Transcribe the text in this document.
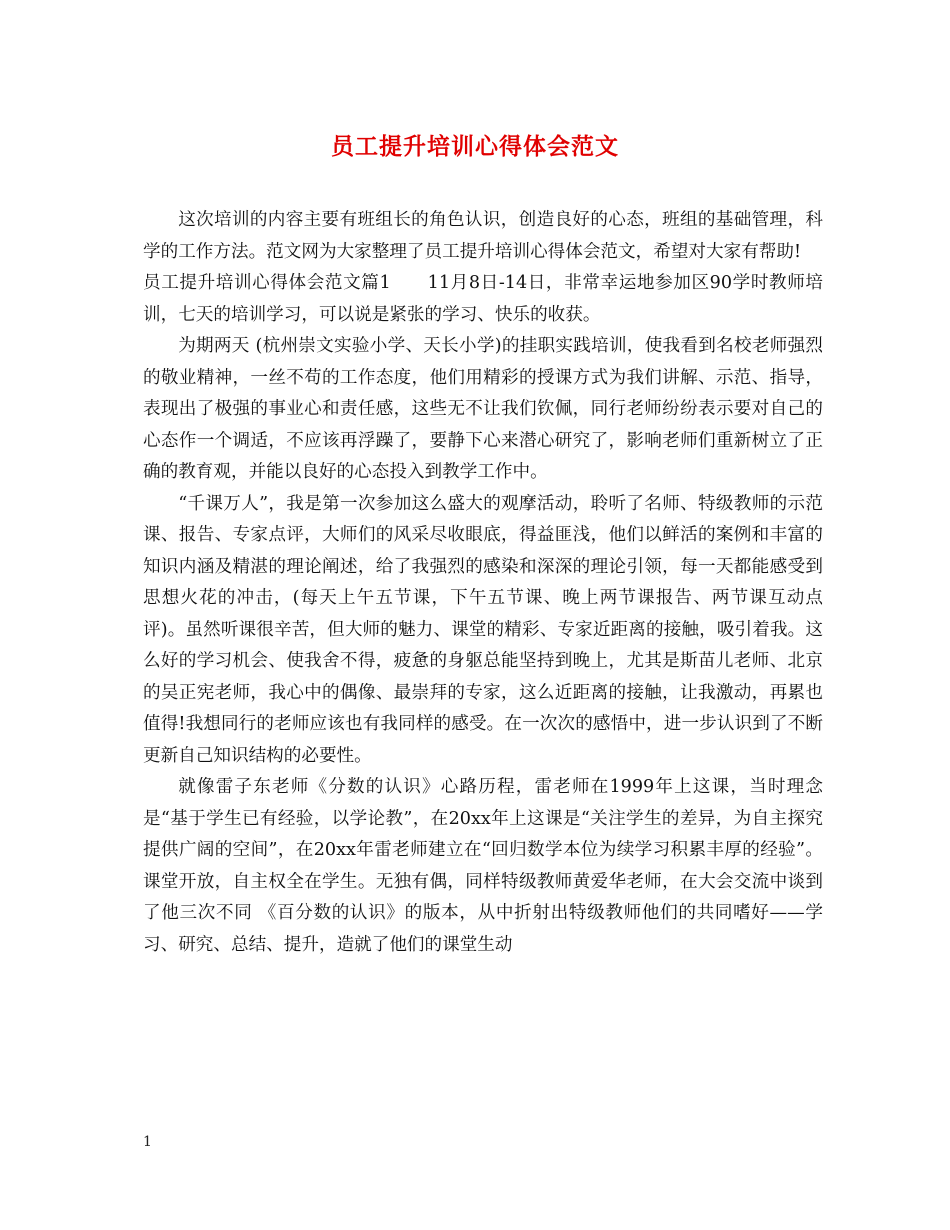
员工提升培训心得体会范文

这次培训的内容主要有班组长的角色认识，创造良好的心态，班组的基础管理，科学的工作方法。范文网为大家整理了员工提升培训心得体会范文，希望对大家有帮助!

员工提升培训心得体会范文篇1　　11月8日-14日，非常幸运地参加区90学时教师培训，七天的培训学习，可以说是紧张的学习、快乐的收获。

为期两天 (杭州崇文实验小学、天长小学)的挂职实践培训，使我看到名校老师强烈的敬业精神，一丝不苟的工作态度，他们用精彩的授课方式为我们讲解、示范、指导，表现出了极强的事业心和责任感，这些无不让我们钦佩，同行老师纷纷表示要对自己的心态作一个调适，不应该再浮躁了，要静下心来潜心研究了，影响老师们重新树立了正确的教育观，并能以良好的心态投入到教学工作中。

“千课万人”，我是第一次参加这么盛大的观摩活动，聆听了名师、特级教师的示范课、报告、专家点评，大师们的风采尽收眼底，得益匪浅，他们以鲜活的案例和丰富的知识内涵及精湛的理论阐述，给了我强烈的感染和深深的理论引领，每一天都能感受到思想火花的冲击，(每天上午五节课，下午五节课、晚上两节课报告、两节课互动点评)。虽然听课很辛苦，但大师的魅力、课堂的精彩、专家近距离的接触，吸引着我。这么好的学习机会、使我舍不得，疲惫的身躯总能坚持到晚上，尤其是斯苗儿老师、北京的吴正宪老师，我心中的偶像、最崇拜的专家，这么近距离的接触，让我激动，再累也值得!我想同行的老师应该也有我同样的感受。在一次次的感悟中，进一步认识到了不断更新自己知识结构的必要性。

就像雷子东老师《分数的认识》心路历程，雷老师在1999年上这课，当时理念是“基于学生已有经验，以学论教”，在20xx年上这课是“关注学生的差异，为自主探究提供广阔的空间”，在20xx年雷老师建立在“回归数学本位为续学习积累丰厚的经验”。课堂开放，自主权全在学生。无独有偶，同样特级教师黄爱华老师，在大会交流中谈到了他三次不同 《百分数的认识》的版本，从中折射出特级教师他们的共同嗜好——学习、研究、总结、提升，造就了他们的课堂生动

1
